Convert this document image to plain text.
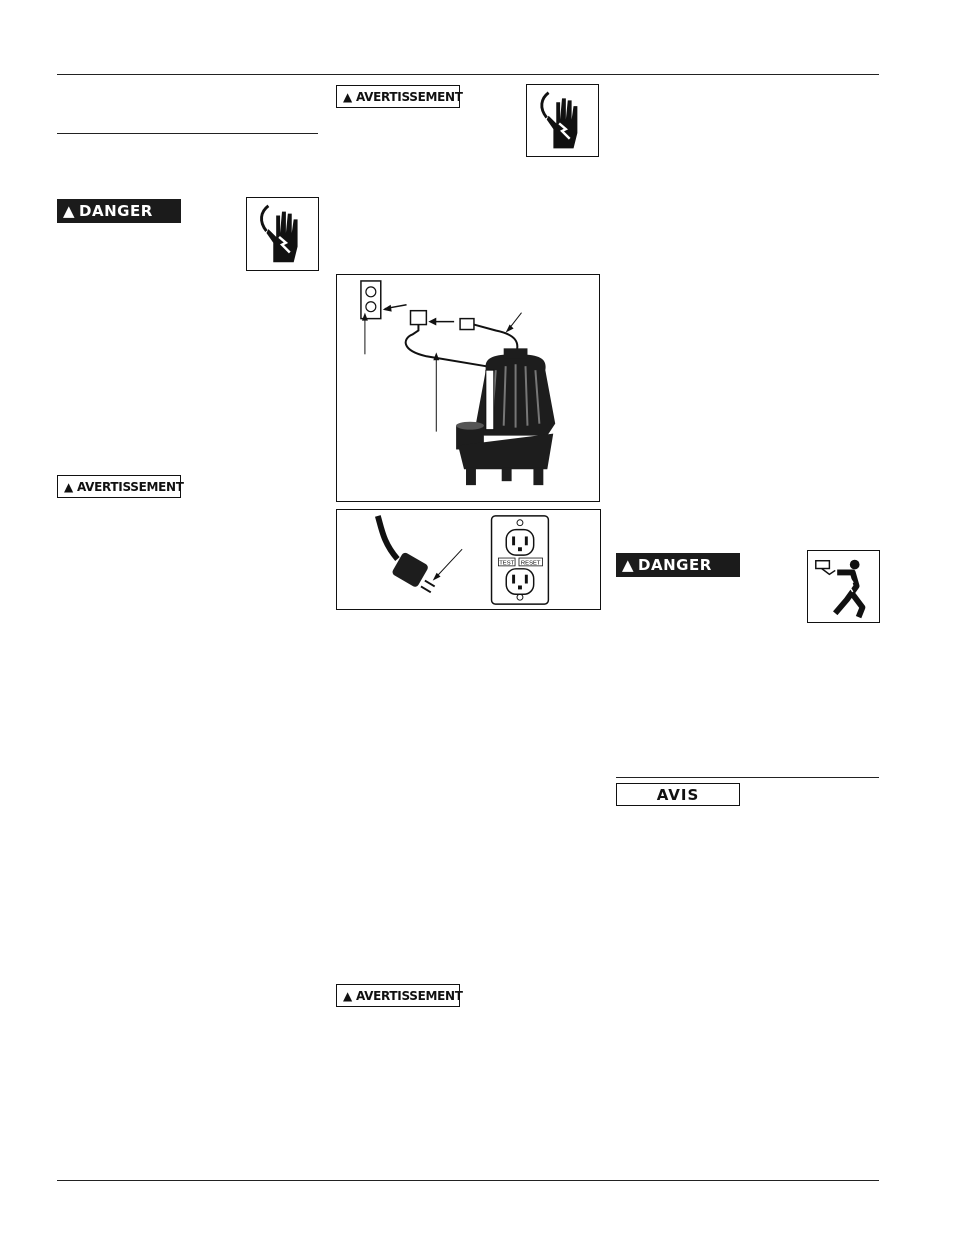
▲ DANGER
▲ AVERTISSEMENT
▲ AVERTISSEMENT
TEST RESET
▲ AVERTISSEMENT
▲ DANGER
AVIS
